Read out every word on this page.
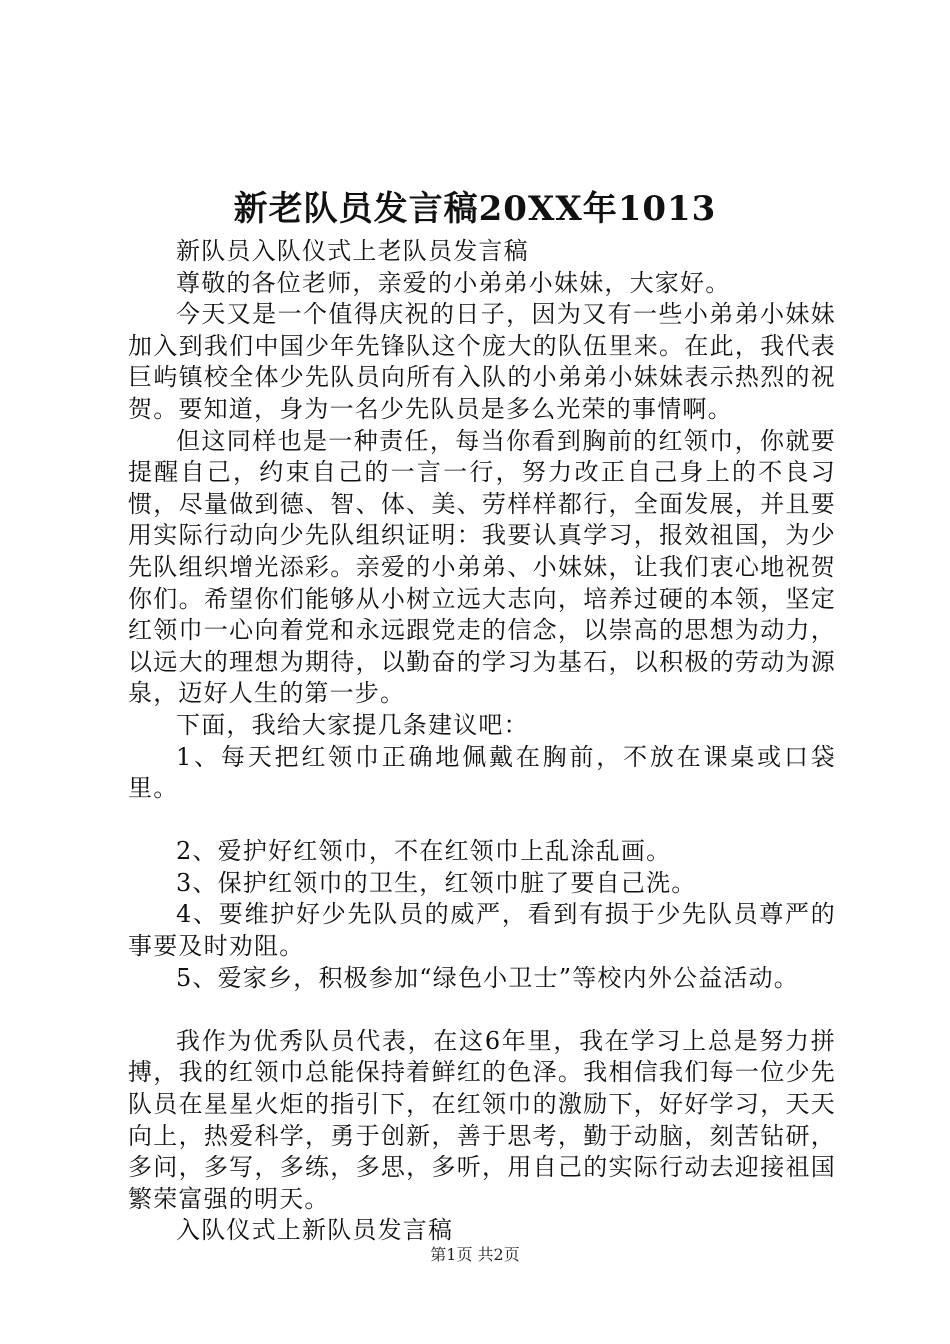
新老队员发言稿20XX年1013

新队员入队仪式上老队员发言稿

尊敬的各位老师，亲爱的小弟弟小妹妹，大家好。

今天又是一个值得庆祝的日子，因为又有一些小弟弟小妹妹加入到我们中国少年先锋队这个庞大的队伍里来。在此，我代表巨屿镇校全体少先队员向所有入队的小弟弟小妹妹表示热烈的祝贺。要知道，身为一名少先队员是多么光荣的事情啊。

但这同样也是一种责任，每当你看到胸前的红领巾，你就要提醒自己，约束自己的一言一行，努力改正自己身上的不良习惯，尽量做到德、智、体、美、劳样样都行，全面发展，并且要用实际行动向少先队组织证明：我要认真学习，报效祖国，为少先队组织增光添彩。亲爱的小弟弟、小妹妹，让我们衷心地祝贺你们。希望你们能够从小树立远大志向，培养过硬的本领，坚定红领巾一心向着党和永远跟党走的信念，以崇高的思想为动力，以远大的理想为期待，以勤奋的学习为基石，以积极的劳动为源泉，迈好人生的第一步。

下面，我给大家提几条建议吧：

1、每天把红领巾正确地佩戴在胸前，不放在课桌或口袋里。

2、爱护好红领巾，不在红领巾上乱涂乱画。

3、保护红领巾的卫生，红领巾脏了要自己洗。

4、要维护好少先队员的威严，看到有损于少先队员尊严的事要及时劝阻。

5、爱家乡，积极参加“绿色小卫士”等校内外公益活动。

我作为优秀队员代表，在这6年里，我在学习上总是努力拼搏，我的红领巾总能保持着鲜红的色泽。我相信我们每一位少先队员在星星火炬的指引下，在红领巾的激励下，好好学习，天天向上，热爱科学，勇于创新，善于思考，勤于动脑，刻苦钻研，多问，多写，多练，多思，多听，用自己的实际行动去迎接祖国繁荣富强的明天。

入队仪式上新队员发言稿

第1页 共2页
